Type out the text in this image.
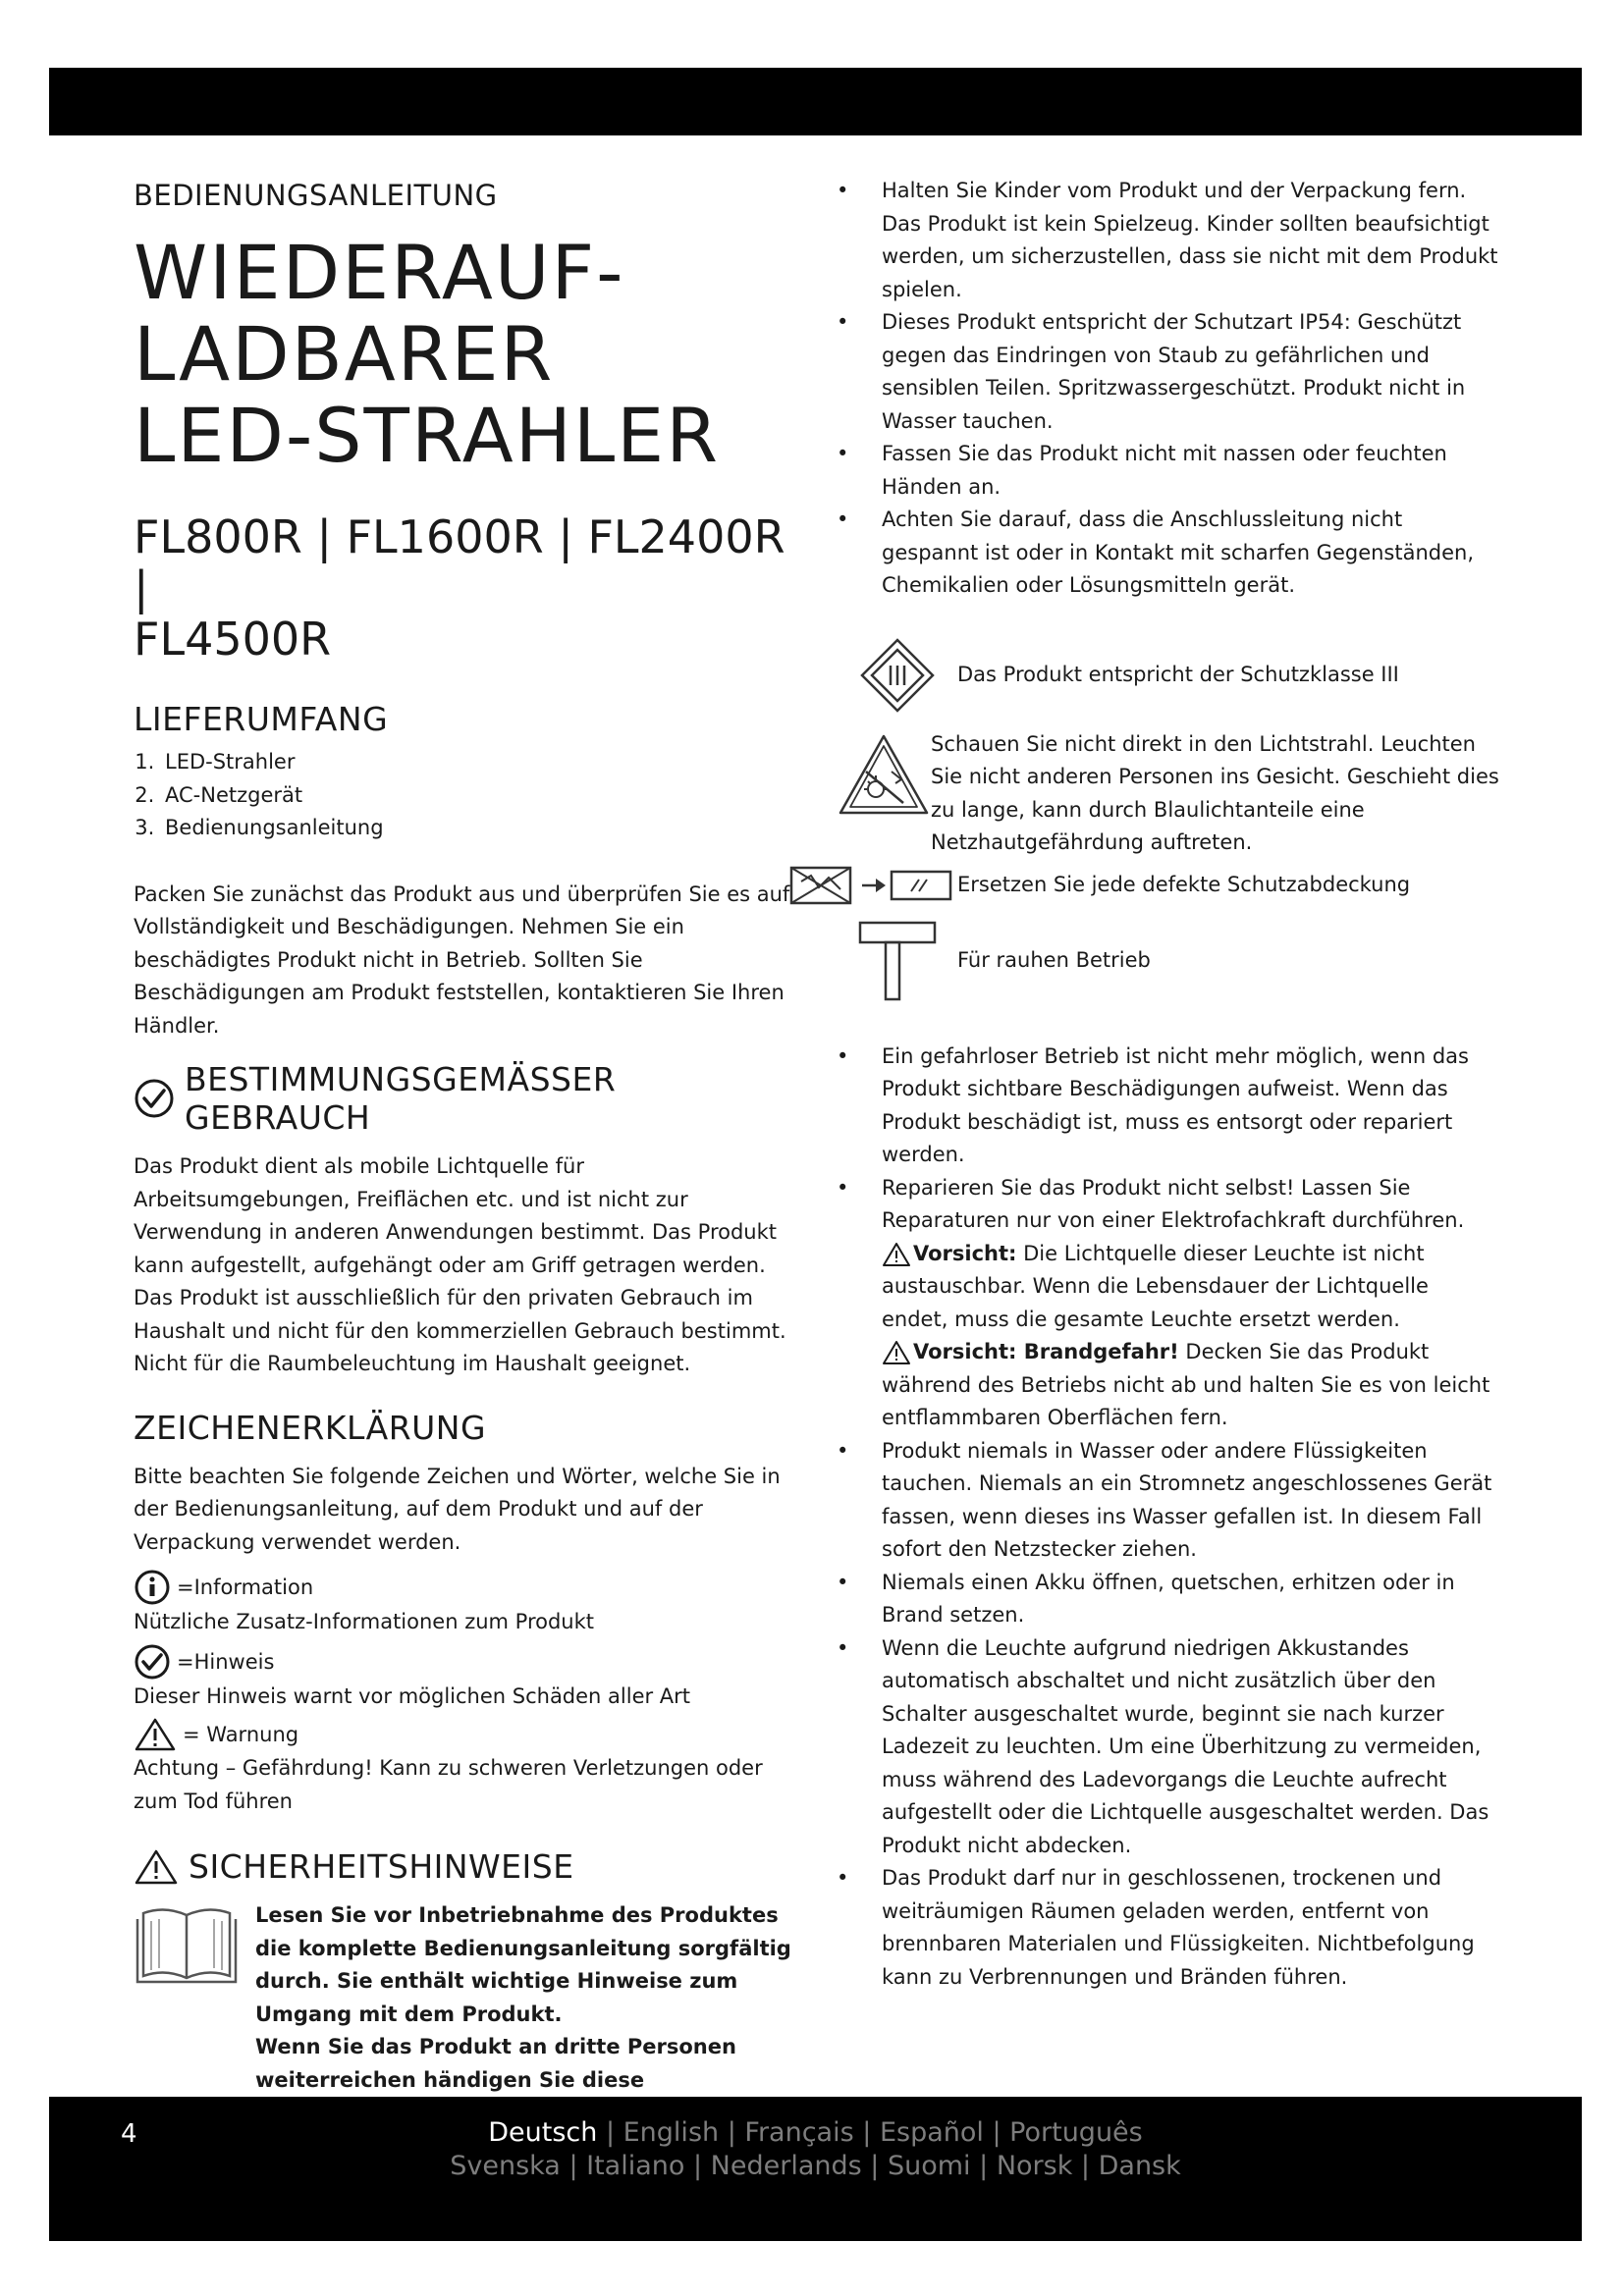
BEDIENUNGSANLEITUNG
WIEDERAUF-
LADBARER
LED-STRAHLER
FL800R | FL1600R | FL2400R |
FL4500R
LIEFERUMFANG
1. LED-Strahler
2. AC-Netzgerät
3. Bedienungsanleitung

Packen Sie zunächst das Produkt aus und überprüfen Sie es auf Vollständigkeit und Beschädigungen. Nehmen Sie ein beschädigtes Produkt nicht in Betrieb. Sollten Sie Beschädigungen am Produkt feststellen, kontaktieren Sie Ihren Händler.

BESTIMMUNGSGEMÄSSER GEBRAUCH

Das Produkt dient als mobile Lichtquelle für Arbeitsumgebungen, Freiflächen etc. und ist nicht zur Verwendung in anderen Anwendungen bestimmt. Das Produkt kann aufgestellt, aufgehängt oder am Griff getragen werden. Das Produkt ist ausschließlich für den privaten Gebrauch im Haushalt und nicht für den kommerziellen Gebrauch bestimmt. Nicht für die Raumbeleuchtung im Haushalt geeignet.

ZEICHENERKLÄRUNG

Bitte beachten Sie folgende Zeichen und Wörter, welche Sie in der Bedienungsanleitung, auf dem Produkt und auf der Verpackung verwendet werden.

=Information

Nützliche Zusatz-Informationen zum Produkt

=Hinweis

Dieser Hinweis warnt vor möglichen Schäden aller Art

= Warnung

Achtung – Gefährdung! Kann zu schweren Verletzungen oder zum Tod führen

SICHERHEITSHINWEISE
Lesen Sie vor Inbetriebnahme des Produktes die komplette Bedienungsanleitung sorgfältig durch. Sie enthält wichtige Hinweise zum Umgang mit dem Produkt.
Wenn Sie das Produkt an dritte Personen weiterreichen händigen Sie diese
•	Halten Sie Kinder vom Produkt und der Verpackung fern. Das Produkt ist kein Spielzeug. Kinder sollten beaufsichtigt werden, um sicherzustellen, dass sie nicht mit dem Produkt spielen.
•	Dieses Produkt entspricht der Schutzart IP54: Geschützt gegen das Eindringen von Staub zu gefährlichen und sensiblen Teilen. Spritzwassergeschützt. Produkt nicht in Wasser tauchen.
•	Fassen Sie das Produkt nicht mit nassen oder feuchten Händen an.
•	Achten Sie darauf, dass die Anschlussleitung nicht gespannt ist oder in Kontakt mit scharfen Gegenständen, Chemikalien oder Lösungsmitteln gerät.
Das Produkt entspricht der Schutzklasse III
Schauen Sie nicht direkt in den Lichtstrahl. Leuchten Sie nicht anderen Personen ins Gesicht. Geschieht dies zu lange, kann durch Blaulichtanteile eine Netzhautgefährdung auftreten.
Ersetzen Sie jede defekte Schutzabdeckung
Für rauhen Betrieb
•	Ein gefahrloser Betrieb ist nicht mehr möglich, wenn das Produkt sichtbare Beschädigungen aufweist. Wenn das Produkt beschädigt ist, muss es entsorgt oder repariert werden.
•	Reparieren Sie das Produkt nicht selbst! Lassen Sie Reparaturen nur von einer Elektrofachkraft durchführen.
Vorsicht: Die Lichtquelle dieser Leuchte ist nicht austauschbar. Wenn die Lebensdauer der Lichtquelle endet, muss die gesamte Leuchte ersetzt werden.
Vorsicht: Brandgefahr! Decken Sie das Produkt während des Betriebs nicht ab und halten Sie es von leicht entflammbaren Oberflächen fern.
•	Produkt niemals in Wasser oder andere Flüssigkeiten tauchen. Niemals an ein Stromnetz angeschlossenes Gerät fassen, wenn dieses ins Wasser gefallen ist. In diesem Fall sofort den Netzstecker ziehen.
•	Niemals einen Akku öffnen, quetschen, erhitzen oder in Brand setzen.
•	Wenn die Leuchte aufgrund niedrigen Akkustandes automatisch abschaltet und nicht zusätzlich über den Schalter ausgeschaltet wurde, beginnt sie nach kurzer Ladezeit zu leuchten. Um eine Überhitzung zu vermeiden, muss während des Ladevorgangs die Leuchte aufrecht aufgestellt oder die Lichtquelle ausgeschaltet werden. Das Produkt nicht abdecken.
•	Das Produkt darf nur in geschlossenen, trockenen und weiträumigen Räumen geladen werden, entfernt von brennbaren Materialen und Flüssigkeiten. Nichtbefolgung kann zu Verbrennungen und Bränden führen.
4	Deutsch | English | Français | Español | Português
Svenska | Italiano | Nederlands | Suomi | Norsk | Dansk
